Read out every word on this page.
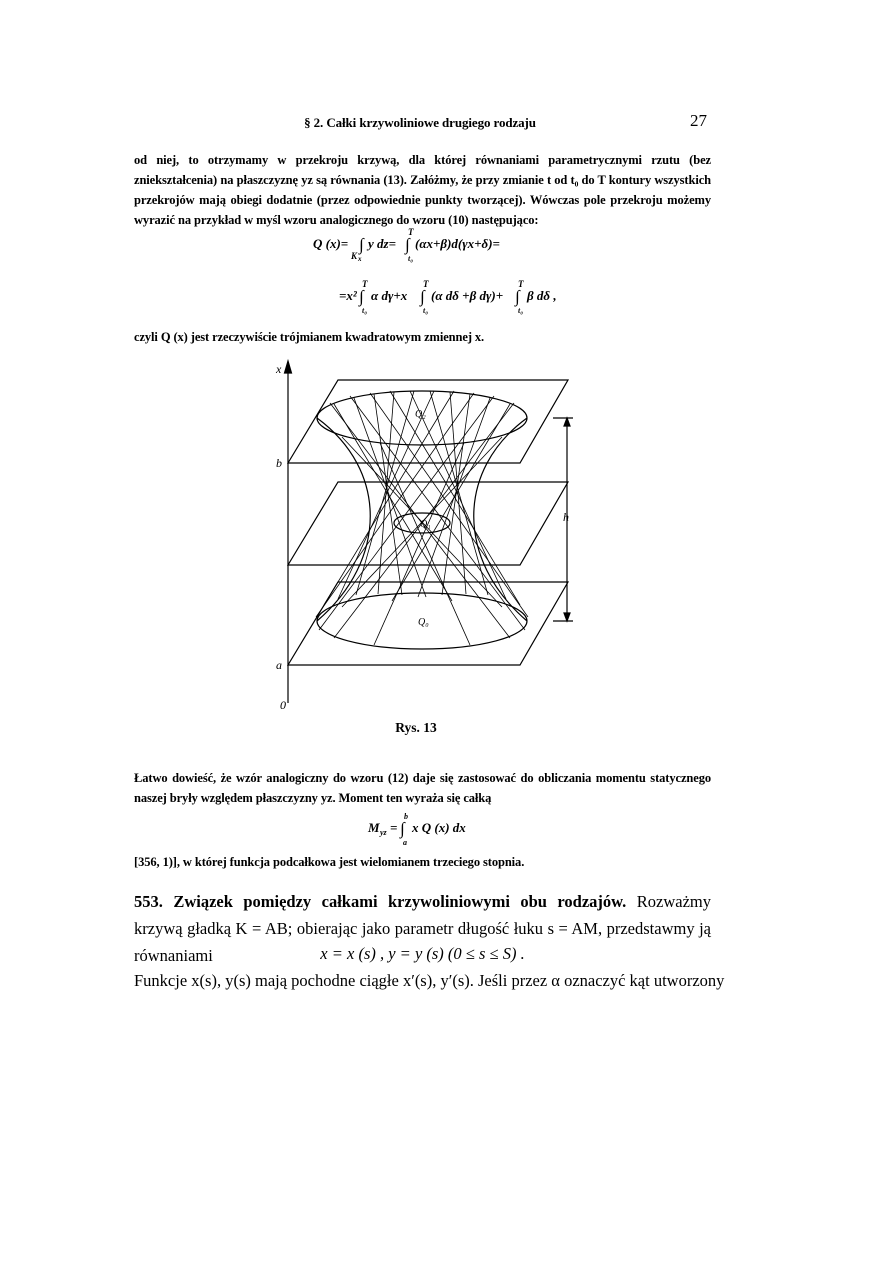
§ 2. Całki krzywoliniowe drugiego rodzaju	27
od niej, to otrzymamy w przekroju krzywą, dla której równaniami parametrycznymi rzutu (bez zniekształcenia) na płaszczyznę yz są równania (13). Załóżmy, że przy zmianie t od t₀ do T kontury wszystkich przekrojów mają obiegi dodatnie (przez odpowiednie punkty tworzącej). Wówczas pole przekroju możemy wyrazić na przykład w myśl wzoru analogicznego do wzoru (10) następująco:
Q (x)= ∫
K x
y dz=
T
∫
t₀
(αx+β)d(γx+δ)=
=x²
T
∫
t₀
α dγ+x
T
∫
t₀
(α dδ +β dγ)+
T
∫
t₀
β dδ ,
czyli Q (x) jest rzeczywiście trójmianem kwadratowym zmiennej x.
x
b
a
0
h
Q₂
Q₁
Q₀
Rys. 13
Łatwo dowieść, że wzór analogiczny do wzoru (12) daje się zastosować do obliczania momentu statycznego naszej bryły względem płaszczyzny yz. Moment ten wyraża się całką
M yz = ∫
b
a
x Q (x) dx
[356, 1)], w której funkcja podcałkowa jest wielomianem trzeciego stopnia.
553. Związek pomiędzy całkami krzywoliniowymi obu rodzajów. Rozważmy krzywą gładką K = AB; obierając jako parametr długość łuku s = AM, przedstawmy ją równaniami	x = x (s) , y = y (s) (0 ≤ s ≤ S) .
Funkcje x(s), y(s) mają pochodne ciągłe x′(s), y′(s). Jeśli przez α oznaczyć kąt utworzony
